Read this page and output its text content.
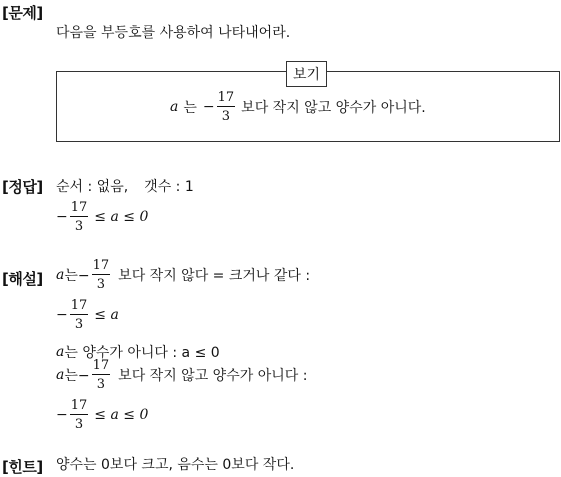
[문제]
다음을 부등호를 사용하여 나타내어라.
보기
a 는 − $\frac{17}{3}$ 보다 작지 않고 양수가 아니다.
[정답] 순서 : 없음, 갯수 : 1
− $\frac{17}{3} \le a \le 0$
[해설] a 는− $\frac{17}{3}$ 보다 작지 않다 = 크거나 같다 :
− $\frac{17}{3} \le a$
a 는 양수가 아니다 : a ≤ 0
a 는− $\frac{17}{3}$ 보다 작지 않고 양수가 아니다 :
− $\frac{17}{3} \le a \le 0$
[힌트] 양수는 0보다 크고, 음수는 0보다 작다.
